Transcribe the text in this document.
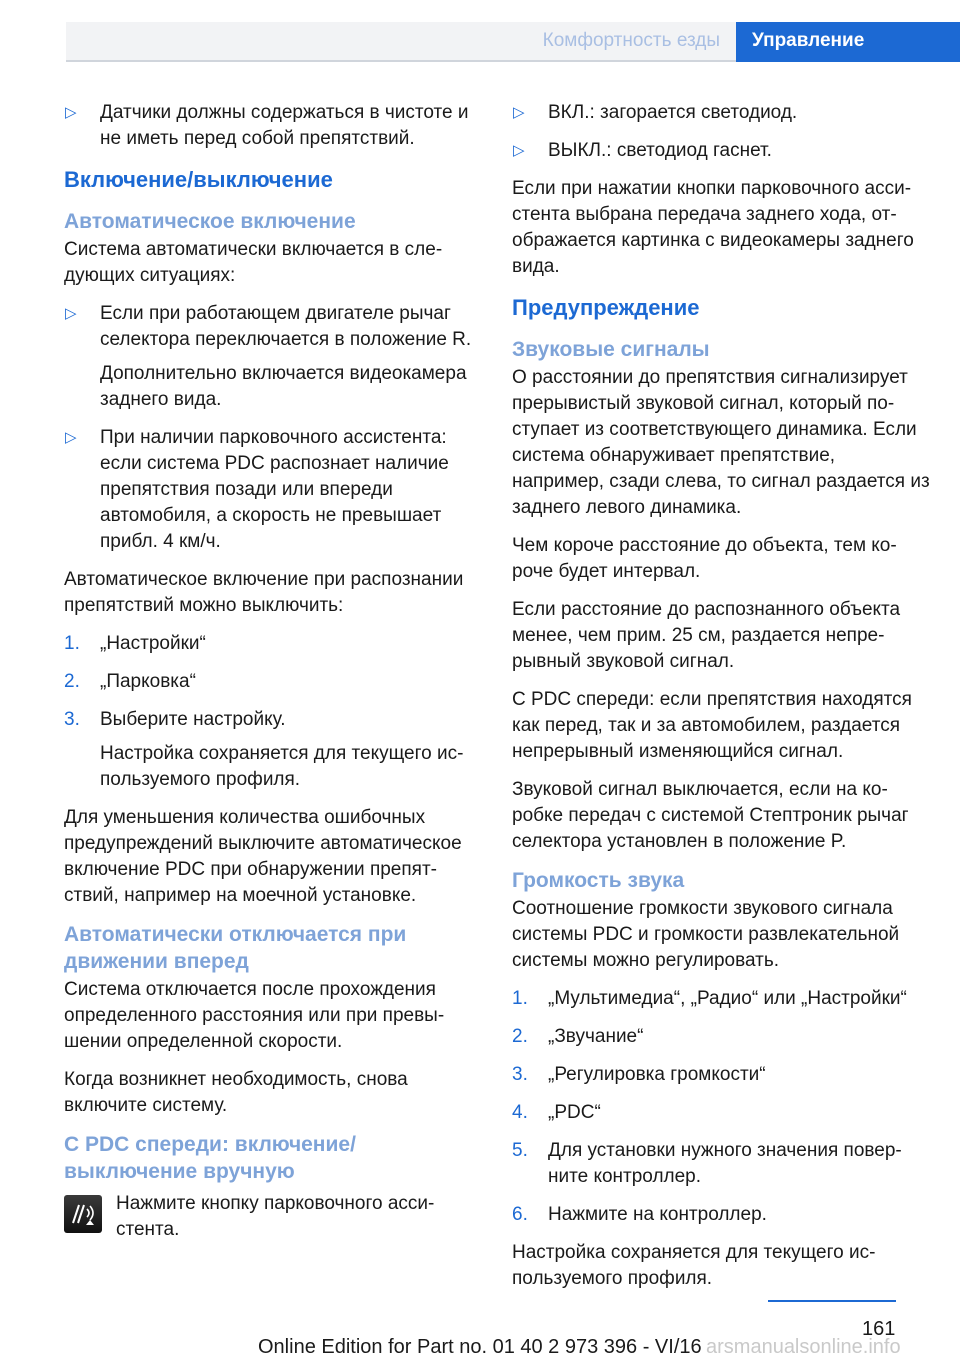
Комфортность езды Управление
▷ Датчики должны содержаться в чистоте и не иметь перед собой препятствий.
Включение/выключение
Автоматическое включение

Система автоматически включается в сле‐дующих ситуациях:

▷ Если при работающем двигателе рычаг селектора переключается в положение R.
Дополнительно включается видеокамера заднего вида.
▷ При наличии парковочного ассистента: если система PDC распознает наличие препятствия позади или впереди автомобиля, а скорость не превышает прибл. 4 км/ч.

Автоматическое включение при распознании препятствий можно выключить:

1. „Настройки“
2. „Парковка“
3. Выберите настройку.
Настройка сохраняется для текущего ис‐пользуемого профиля.

Для уменьшения количества ошибочных предупреждений выключите автоматическое включение PDC при обнаружении препят‐ствий, например на моечной установке.

Автоматически отключается при движении вперед

Система отключается после прохождения определенного расстояния или при превы‐шении определенной скорости.

Когда возникнет необходимость, снова включите систему.

С PDC спереди: включение/ выключение вручную
Нажмите кнопку парковочного асси‐стента.
▷ ВКЛ.: загорается светодиод.
▷ ВЫКЛ.: светодиод гаснет.

Если при нажатии кнопки парковочного асси‐стента выбрана передача заднего хода, от‐ображается картинка с видеокамеры заднего вида.

Предупреждение
Звуковые сигналы

О расстоянии до препятствия сигнализирует прерывистый звуковой сигнал, который по‐ступает из соответствующего динамика. Если система обнаруживает препятствие, например, сзади слева, то сигнал раздается из заднего левого динамика.

Чем короче расстояние до объекта, тем ко‐роче будет интервал.

Если расстояние до распознанного объекта менее, чем прим. 25 см, раздается непре‐рывный звуковой сигнал.

С PDC спереди: если препятствия находятся как перед, так и за автомобилем, раздается непрерывный изменяющийся сигнал.

Звуковой сигнал выключается, если на ко‐робке передач с системой Стептроник рычаг селектора установлен в положение P.

Громкость звука

Соотношение громкости звукового сигнала системы PDC и громкости развлекательной системы можно регулировать.

1. „Мультимедиа“, „Радио“ или „Настройки“
2. „Звучание“
3. „Регулировка громкости“
4. „PDC“
5. Для установки нужного значения повер‐ните контроллер.
6. Нажмите на контроллер.

Настройка сохраняется для текущего ис‐пользуемого профиля.

161
Online Edition for Part no. 01 40 2 973 396 - VI/16 arsmanualsonline.info
